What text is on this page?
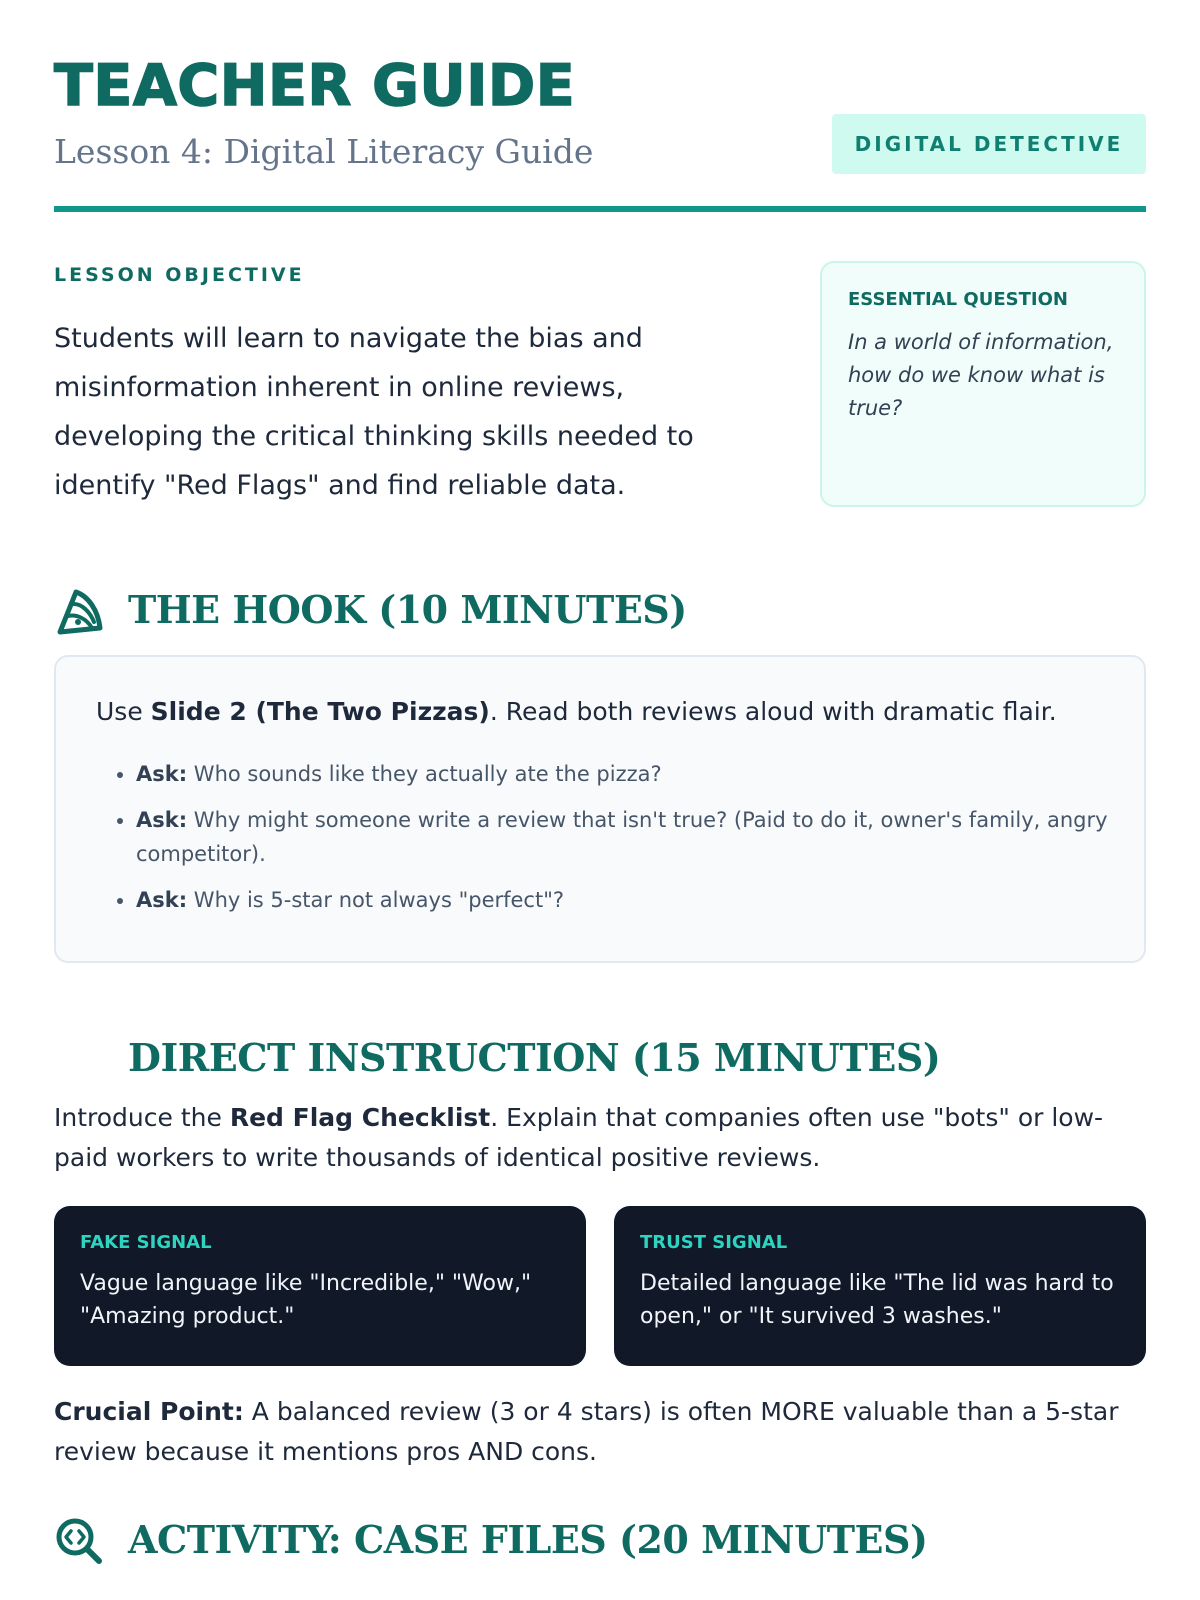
TEACHER GUIDE
Lesson 4: Digital Literacy Guide	DIGITAL DETECTIVE
LESSON OBJECTIVE

Students will learn to navigate the bias and misinformation inherent in online reviews, developing the critical thinking skills needed to identify "Red Flags" and find reliable data.

ESSENTIAL QUESTION
In a world of information, how do we know what is true?
THE HOOK (10 MINUTES)
Use Slide 2 (The Two Pizzas). Read both reviews aloud with dramatic flair.
• Ask: Who sounds like they actually ate the pizza?
• Ask: Why might someone write a review that isn't true? (Paid to do it, owner's family, angry competitor).
• Ask: Why is 5-star not always "perfect"?
DIRECT INSTRUCTION (15 MINUTES)

Introduce the Red Flag Checklist. Explain that companies often use "bots" or low-paid workers to write thousands of identical positive reviews.

FAKE SIGNAL
Vague language like "Incredible," "Wow," "Amazing product."
TRUST SIGNAL
Detailed language like "The lid was hard to open," or "It survived 3 washes."

Crucial Point: A balanced review (3 or 4 stars) is often MORE valuable than a 5-star review because it mentions pros AND cons.

ACTIVITY: CASE FILES (20 MINUTES)
